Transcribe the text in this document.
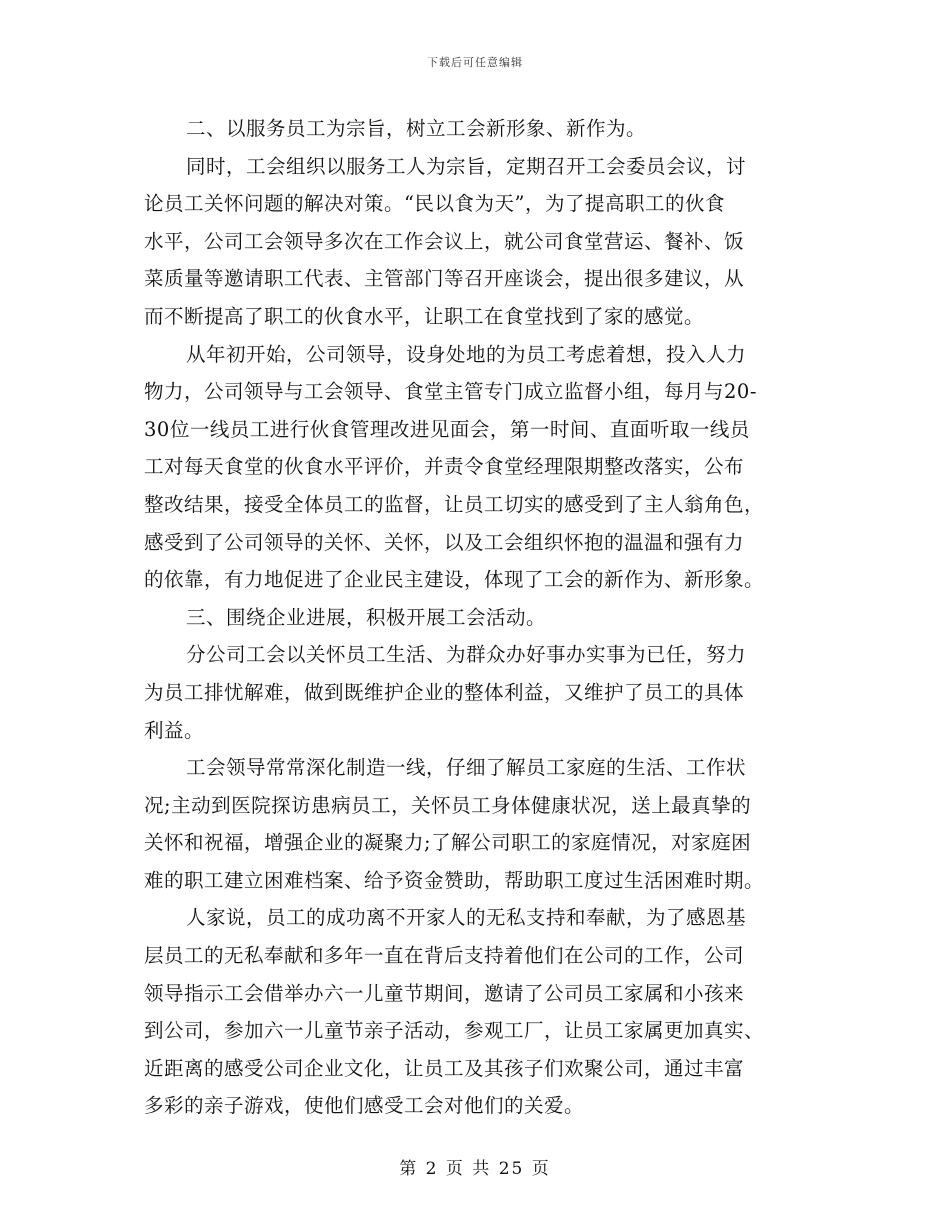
下载后可任意编辑
二、以服务员工为宗旨，树立工会新形象、新作为。
同时，工会组织以服务工人为宗旨，定期召开工会委员会议，讨
论员工关怀问题的解决对策。“民以食为天”，为了提高职工的伙食
水平，公司工会领导多次在工作会议上，就公司食堂营运、餐补、饭
菜质量等邀请职工代表、主管部门等召开座谈会，提出很多建议，从
而不断提高了职工的伙食水平，让职工在食堂找到了家的感觉。
从年初开始，公司领导，设身处地的为员工考虑着想，投入人力
物力，公司领导与工会领导、食堂主管专门成立监督小组，每月与20-
30位一线员工进行伙食管理改进见面会，第一时间、直面听取一线员
工对每天食堂的伙食水平评价，并责令食堂经理限期整改落实，公布
整改结果，接受全体员工的监督，让员工切实的感受到了主人翁角色，
感受到了公司领导的关怀、关怀，以及工会组织怀抱的温温和强有力
的依靠，有力地促进了企业民主建设，体现了工会的新作为、新形象。
三、围绕企业进展，积极开展工会活动。
分公司工会以关怀员工生活、为群众办好事办实事为已任，努力
为员工排忧解难，做到既维护企业的整体利益，又维护了员工的具体
利益。
工会领导常常深化制造一线，仔细了解员工家庭的生活、工作状
况;主动到医院探访患病员工，关怀员工身体健康状况，送上最真挚的
关怀和祝福，增强企业的凝聚力;了解公司职工的家庭情况，对家庭困
难的职工建立困难档案、给予资金赞助，帮助职工度过生活困难时期。
人家说，员工的成功离不开家人的无私支持和奉献，为了感恩基
层员工的无私奉献和多年一直在背后支持着他们在公司的工作，公司
领导指示工会借举办六一儿童节期间，邀请了公司员工家属和小孩来
到公司，参加六一儿童节亲子活动，参观工厂，让员工家属更加真实、
近距离的感受公司企业文化，让员工及其孩子们欢聚公司，通过丰富
多彩的亲子游戏，使他们感受工会对他们的关爱。
第 2 页 共 25 页
